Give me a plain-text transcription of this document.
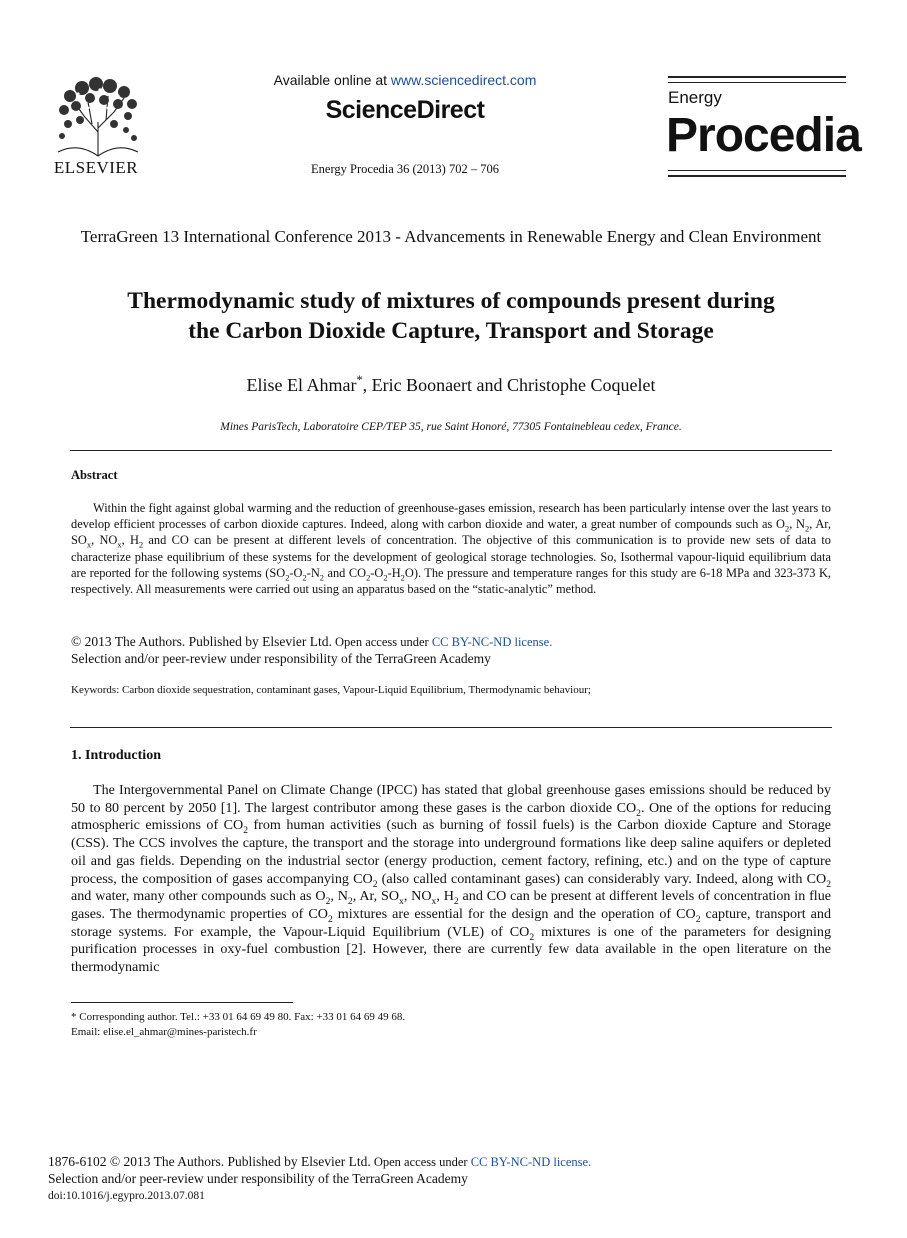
ELSEVIER
Available online at www.sciencedirect.com
ScienceDirect
Energy Procedia 36 (2013) 702 – 706
Energy
Procedia
TerraGreen 13 International Conference 2013 - Advancements in Renewable Energy and Clean Environment
Thermodynamic study of mixtures of compounds present during
the Carbon Dioxide Capture, Transport and Storage
Elise El Ahmar*, Eric Boonaert and Christophe Coquelet
Mines ParisTech, Laboratoire CEP/TEP 35, rue Saint Honoré, 77305 Fontainebleau cedex, France.
Abstract
Within the fight against global warming and the reduction of greenhouse-gases emission, research has been particularly intense over the last years to develop efficient processes of carbon dioxide captures. Indeed, along with carbon dioxide and water, a great number of compounds such as $O_2$, $N_2$, Ar, $SO_x$, $NO_x$, $H_2$ and CO can be present at different levels of concentration. The objective of this communication is to provide new sets of data to characterize phase equilibrium of these systems for the development of geological storage technologies. So, Isothermal vapour-liquid equilibrium data are reported for the following systems ($SO_2-O_2-N_2$ and $CO_2-O_2-H_2O$). The pressure and temperature ranges for this study are 6-18 MPa and 323-373 K, respectively. All measurements were carried out using an apparatus based on the “static-analytic” method.
© 2013 The Authors. Published by Elsevier Ltd. Open access under CC BY-NC-ND license.
Selection and/or peer-review under responsibility of the TerraGreen Academy
Keywords: Carbon dioxide sequestration, contaminant gases, Vapour-Liquid Equilibrium, Thermodynamic behaviour;
1. Introduction
The Intergovernmental Panel on Climate Change (IPCC) has stated that global greenhouse gases emissions should be reduced by 50 to 80 percent by 2050 [1]. The largest contributor among these gases is the carbon dioxide $CO_2$. One of the options for reducing atmospheric emissions of $CO_2$ from human activities (such as burning of fossil fuels) is the Carbon dioxide Capture and Storage (CSS). The CCS involves the capture, the transport and the storage into underground formations like deep saline aquifers or depleted oil and gas fields. Depending on the industrial sector (energy production, cement factory, refining, etc.) and on the type of capture process, the composition of gases accompanying $CO_2$ (also called contaminant gases) can considerably vary. Indeed, along with $CO_2$ and water, many other compounds such as $O_2$, $N_2$, Ar, $SO_x$, $NO_x$, $H_2$ and CO can be present at different levels of concentration in flue gases. The thermodynamic properties of $CO_2$ mixtures are essential for the design and the operation of $CO_2$ capture, transport and storage systems. For example, the Vapour-Liquid Equilibrium (VLE) of $CO_2$ mixtures is one of the parameters for designing purification processes in oxy-fuel combustion [2]. However, there are currently few data available in the open literature on the thermodynamic
* Corresponding author. Tel.: +33 01 64 69 49 80. Fax: +33 01 64 69 49 68.
Email: elise.el_ahmar@mines-paristech.fr
1876-6102 © 2013 The Authors. Published by Elsevier Ltd. Open access under CC BY-NC-ND license.
Selection and/or peer-review under responsibility of the TerraGreen Academy
doi:10.1016/j.egypro.2013.07.081
